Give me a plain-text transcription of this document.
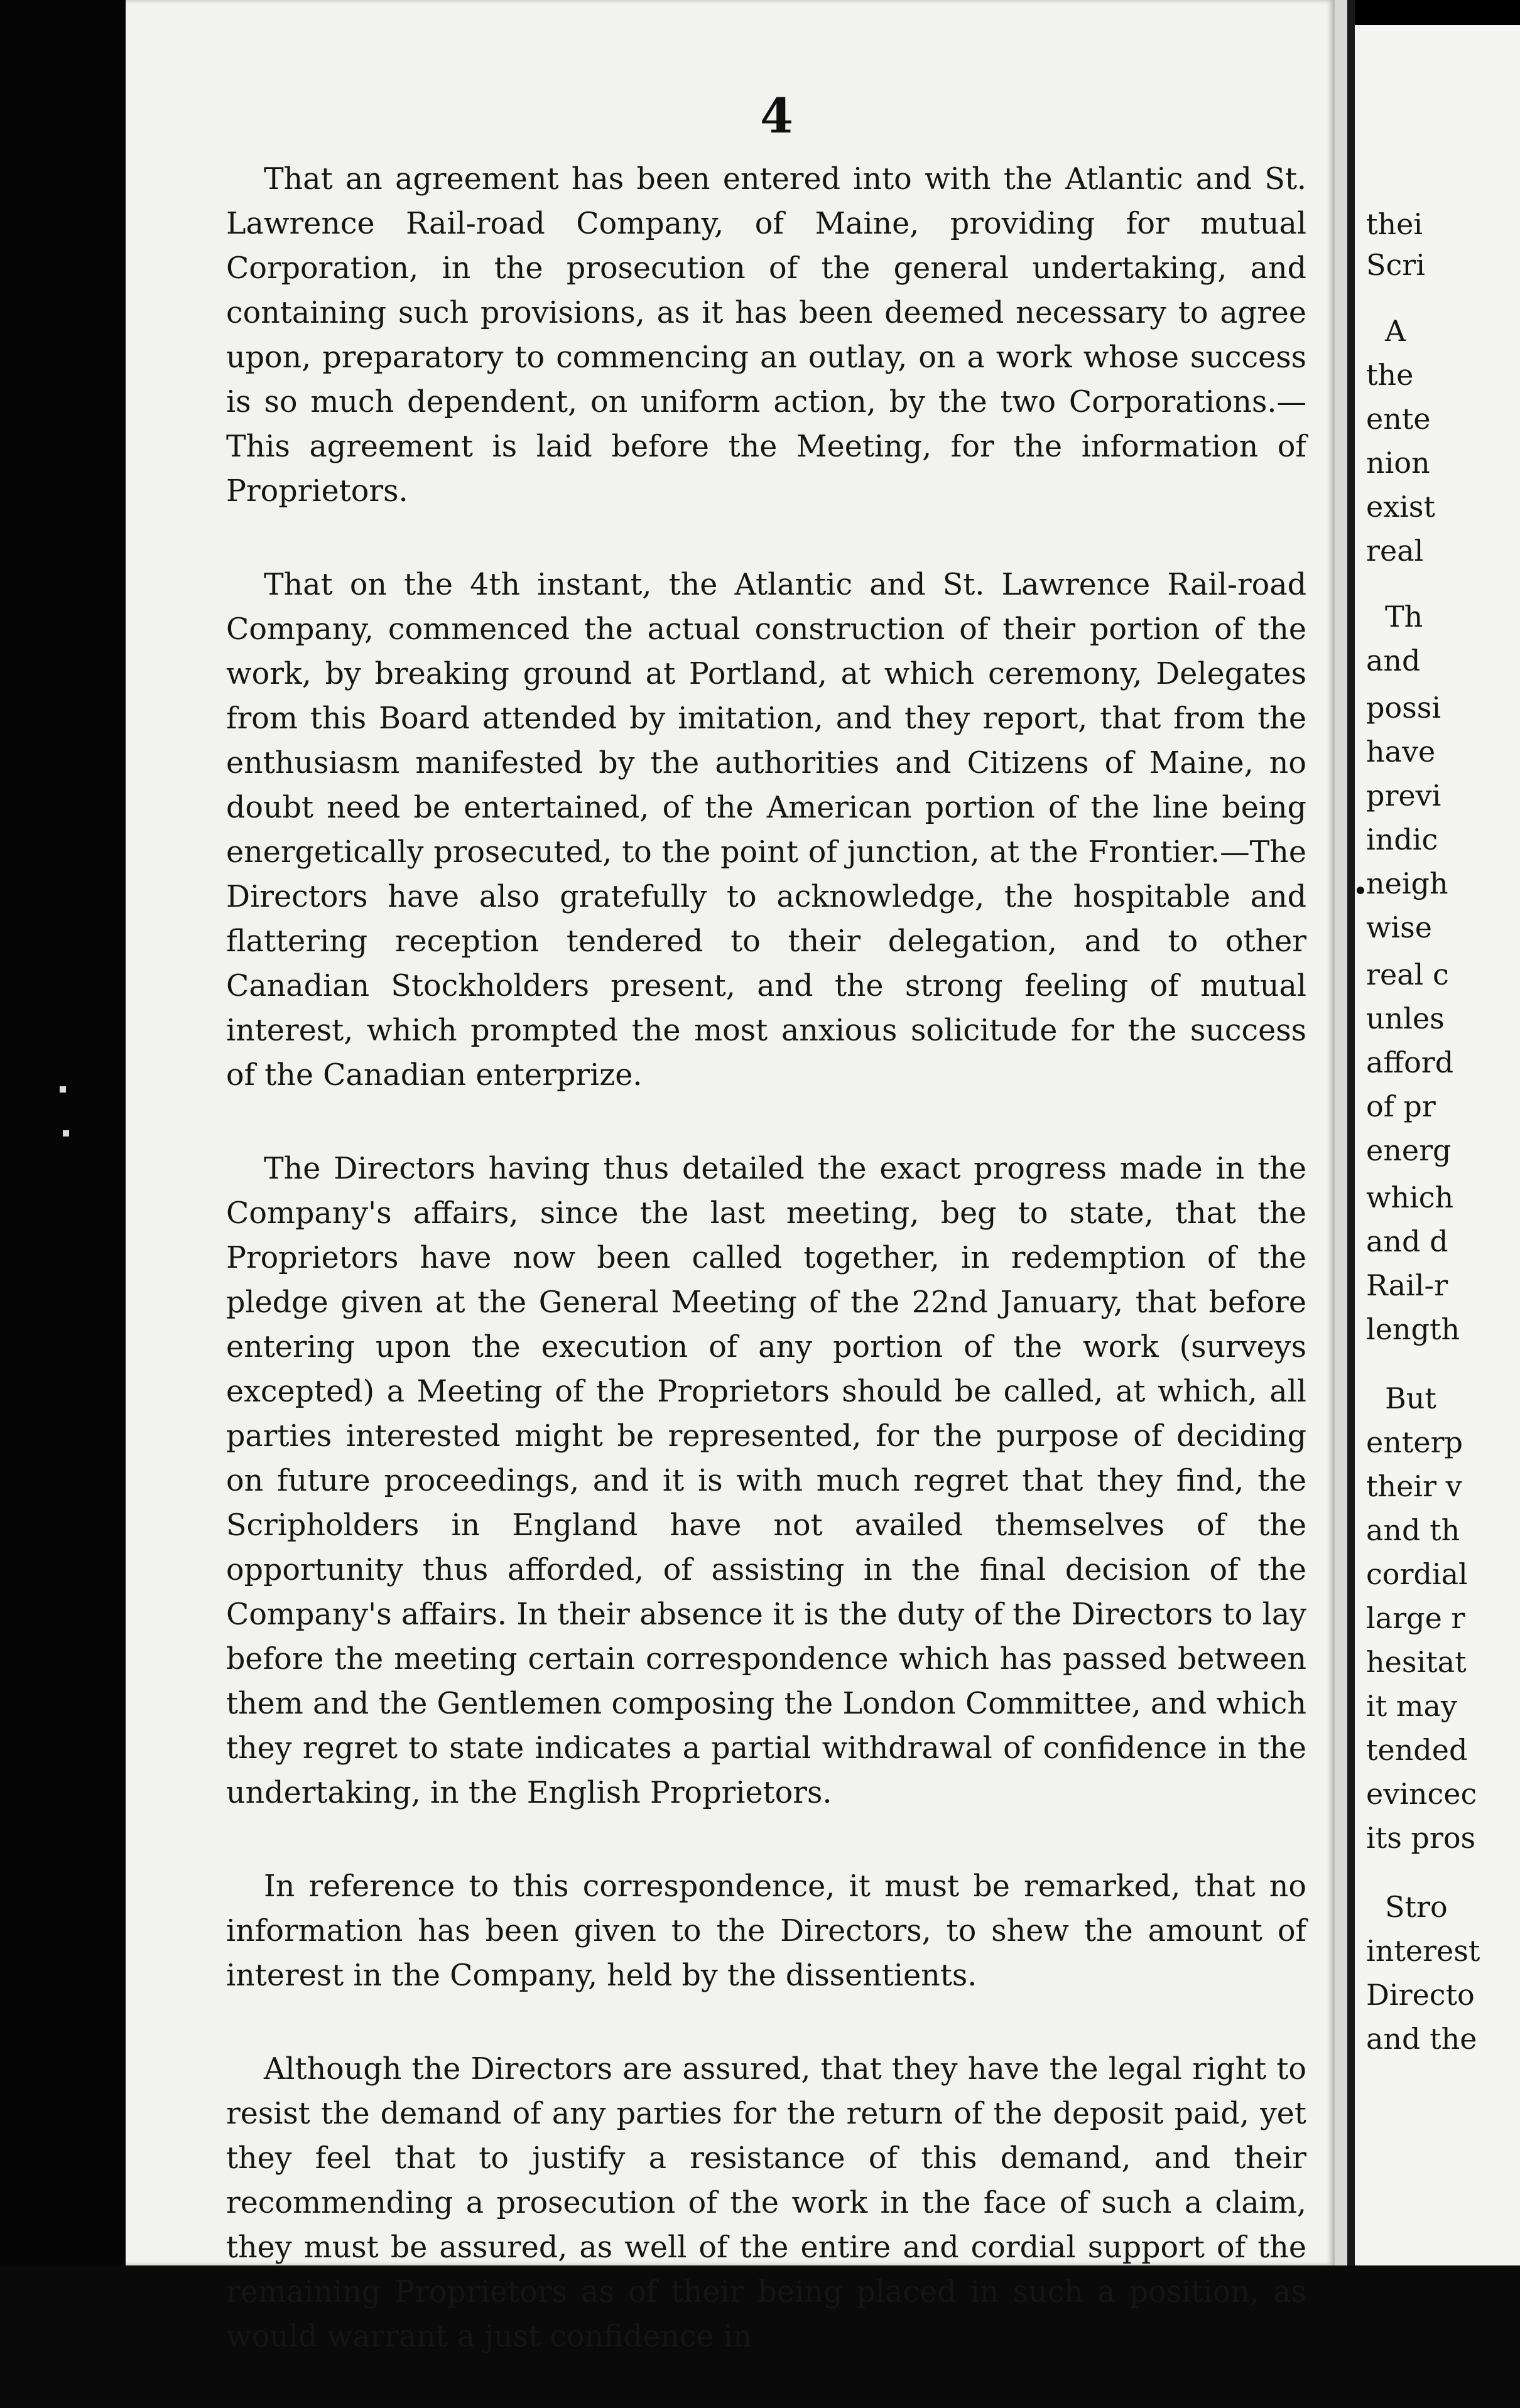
4

That an agreement has been entered into with the Atlantic and St. Lawrence Rail-road Company, of Maine, providing for mutual Corporation, in the prosecution of the general undertaking, and containing such provisions, as it has been deemed necessary to agree upon, preparatory to commencing an outlay, on a work whose success is so much dependent, on uniform action, by the two Corporations.—This agreement is laid before the Meeting, for the information of Proprietors.

That on the 4th instant, the Atlantic and St. Lawrence Rail-road Company, commenced the actual construction of their portion of the work, by breaking ground at Portland, at which ceremony, Delegates from this Board attended by imitation, and they report, that from the enthusiasm manifested by the authorities and Citizens of Maine, no doubt need be entertained, of the American portion of the line being energetically prosecuted, to the point of junction, at the Frontier.—The Directors have also gratefully to acknowledge, the hospitable and flattering reception tendered to their delegation, and to other Canadian Stockholders present, and the strong feeling of mutual interest, which prompted the most anxious solicitude for the success of the Canadian enterprize.

The Directors having thus detailed the exact progress made in the Company's affairs, since the last meeting, beg to state, that the Proprietors have now been called together, in redemption of the pledge given at the General Meeting of the 22nd January, that before entering upon the execution of any portion of the work (surveys excepted) a Meeting of the Proprietors should be called, at which, all parties interested might be represented, for the purpose of deciding on future proceedings, and it is with much regret that they find, the Scripholders in England have not availed themselves of the opportunity thus afforded, of assisting in the final decision of the Company's affairs. In their absence it is the duty of the Directors to lay before the meeting certain correspondence which has passed between them and the Gentlemen composing the London Committee, and which they regret to state indicates a partial withdrawal of confidence in the undertaking, in the English Proprietors.

In reference to this correspondence, it must be remarked, that no information has been given to the Directors, to shew the amount of interest in the Company, held by the dissentients.

Although the Directors are assured, that they have the legal right to resist the demand of any parties for the return of the deposit paid, yet they feel that to justify a resistance of this demand, and their recommending a prosecution of the work in the face of such a claim, they must be assured, as well of the entire and cordial support of the remaining Proprietors as of their being placed in such a position, as would warrant a just confidence in

thei
Scri
A
the
ente
nion
exist
real
Th
and
possi
have
previ
indic
neigh
wise
real c
unles
afford
of pr
energ
which
and d
Rail-r
length
But
enterp
their v
and th
cordial
large r
hesitat
it may
tended
evincec
its pros
Stro
interest
Directo
and the
